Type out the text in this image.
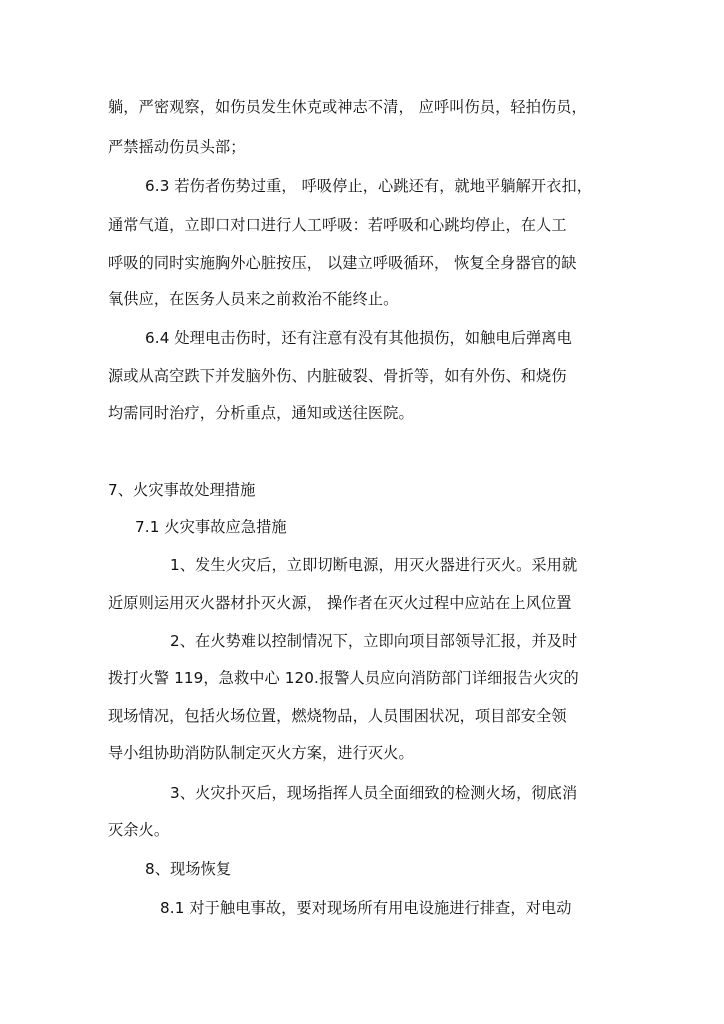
躺，严密观察，如伤员发生休克或神志不清， 应呼叫伤员，轻拍伤员，
严禁摇动伤员头部；
6.3 若伤者伤势过重， 呼吸停止，心跳还有，就地平躺解开衣扣，
通常气道，立即口对口进行人工呼吸：若呼吸和心跳均停止，在人工
呼吸的同时实施胸外心脏按压， 以建立呼吸循环， 恢复全身器官的缺
氧供应，在医务人员来之前救治不能终止。
6.4 处理电击伤时，还有注意有没有其他损伤，如触电后弹离电
源或从高空跌下并发脑外伤、内脏破裂、骨折等，如有外伤、和烧伤
均需同时治疗，分析重点，通知或送往医院。
7、火灾事故处理措施
7.1 火灾事故应急措施
1、发生火灾后，立即切断电源，用灭火器进行灭火。采用就
近原则运用灭火器材扑灭火源， 操作者在灭火过程中应站在上风位置
2、在火势难以控制情况下，立即向项目部领导汇报，并及时
拨打火警 119，急救中心 120.报警人员应向消防部门详细报告火灾的
现场情况，包括火场位置，燃烧物品，人员围困状况，项目部安全领
导小组协助消防队制定灭火方案，进行灭火。
3、火灾扑灭后，现场指挥人员全面细致的检测火场，彻底消
灭余火。
8、现场恢复
8.1 对于触电事故，要对现场所有用电设施进行排查，对电动
